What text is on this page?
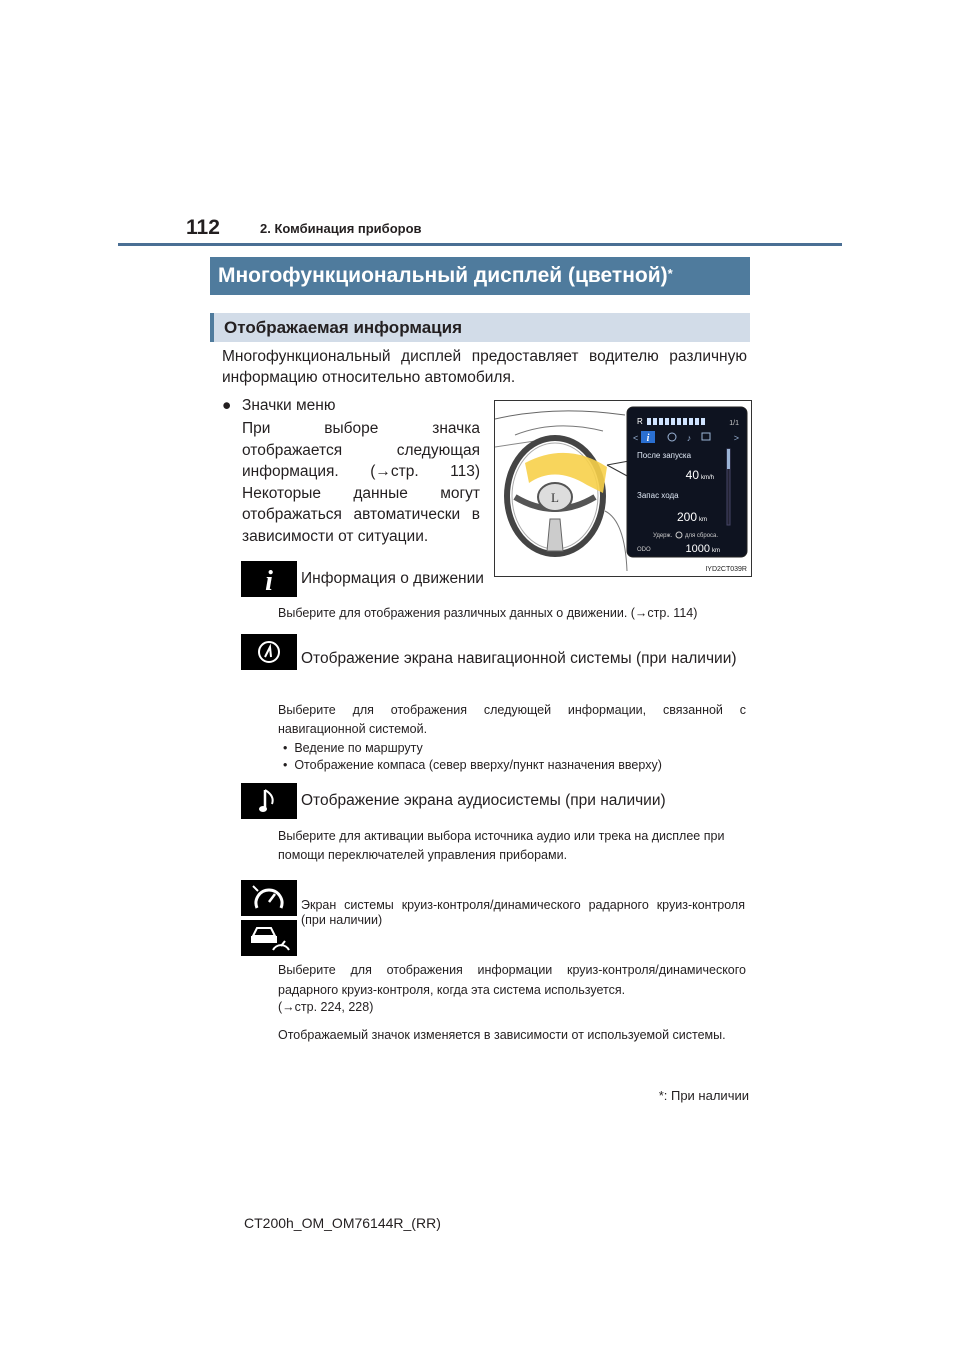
112	2. Комбинация приборов
Многофункциональный дисплей (цветной)*
Отображаемая информация
Многофункциональный дисплей предоставляет водителю различную информацию относительно автомобиля.
● Значки меню
При выборе значка отображается следующая информация. (→стр. 113) Некоторые данные могут отображаться автоматически в зависимости от ситуации.
L
R	1/1
i	♪
<	>
После запуска
40 km/h
Запас хода
200 km
Удерж. для сброса.
ODO	1000 km
IYD2CT039R
i Информация о движении
Выберите для отображения различных данных о движении. (→стр. 114)
Отображение экрана навигационной системы (при наличии)
Выберите для отображения следующей информации, связанной с навигационной системой.
•  Ведение по маршруту
•  Отображение компаса (север вверху/пункт назначения вверху)
Отображение экрана аудиосистемы (при наличии)
Выберите для активации выбора источника аудио или трека на дисплее при помощи переключателей управления приборами.
Экран системы круиз-контроля/динамического радарного круиз-контроля (при наличии)
Выберите для отображения информации круиз-контроля/динамического радарного круиз-контроля, когда эта система используется.
(→стр. 224, 228)
Отображаемый значок изменяется в зависимости от используемой системы.
*: При наличии
CT200h_OM_OM76144R_(RR)
